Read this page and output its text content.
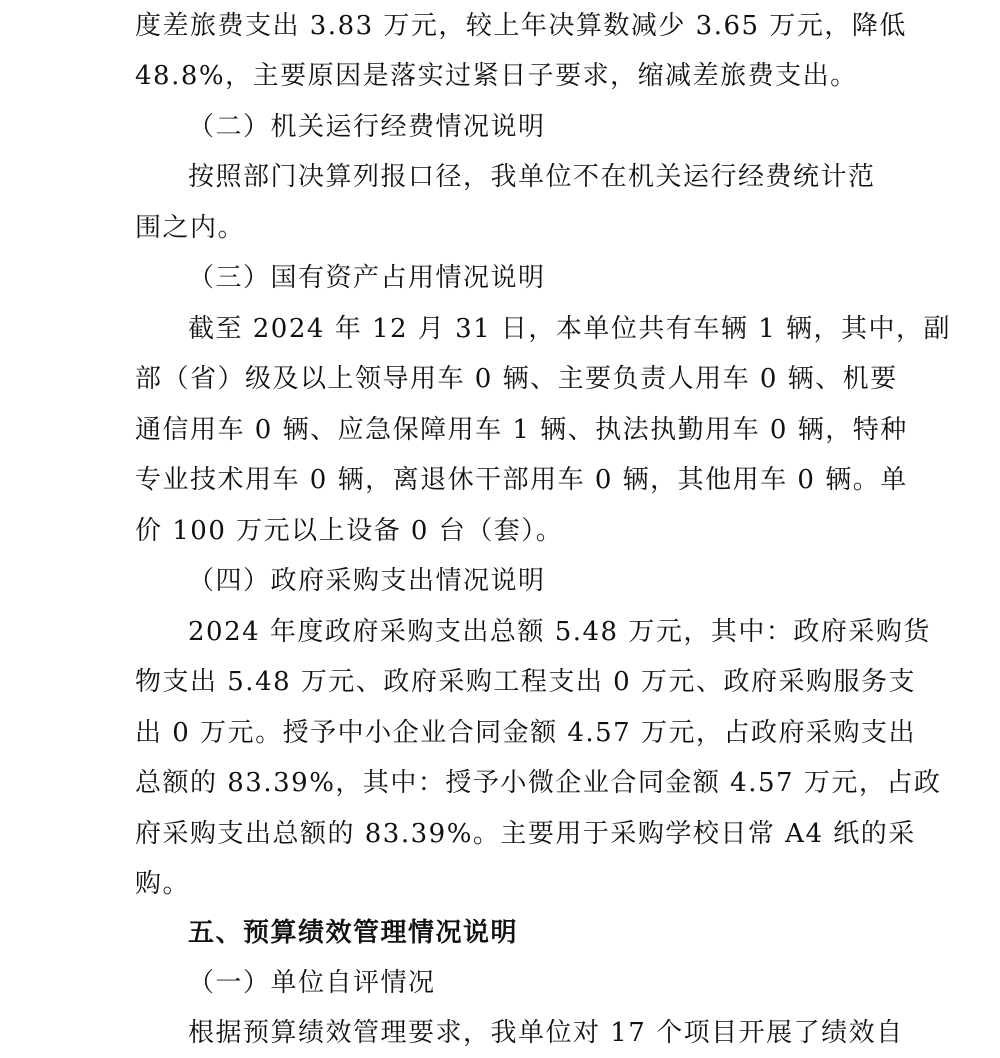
度差旅费支出 3.83 万元，较上年决算数减少 3.65 万元，降低
48.8%，主要原因是落实过紧日子要求，缩减差旅费支出。
（二）机关运行经费情况说明
按照部门决算列报口径，我单位不在机关运行经费统计范
围之内。
（三）国有资产占用情况说明
截至 2024 年 12 月 31 日，本单位共有车辆 1 辆，其中，副
部（省）级及以上领导用车 0 辆、主要负责人用车 0 辆、机要
通信用车 0 辆、应急保障用车 1 辆、执法执勤用车 0 辆，特种
专业技术用车 0 辆，离退休干部用车 0 辆，其他用车 0 辆。单
价 100 万元以上设备 0 台（套）。
（四）政府采购支出情况说明
2024 年度政府采购支出总额 5.48 万元，其中：政府采购货
物支出 5.48 万元、政府采购工程支出 0 万元、政府采购服务支
出 0 万元。授予中小企业合同金额 4.57 万元，占政府采购支出
总额的 83.39%，其中：授予小微企业合同金额 4.57 万元，占政
府采购支出总额的 83.39%。主要用于采购学校日常 A4 纸的采
购。
五、预算绩效管理情况说明
（一）单位自评情况
根据预算绩效管理要求，我单位对 17 个项目开展了绩效自
